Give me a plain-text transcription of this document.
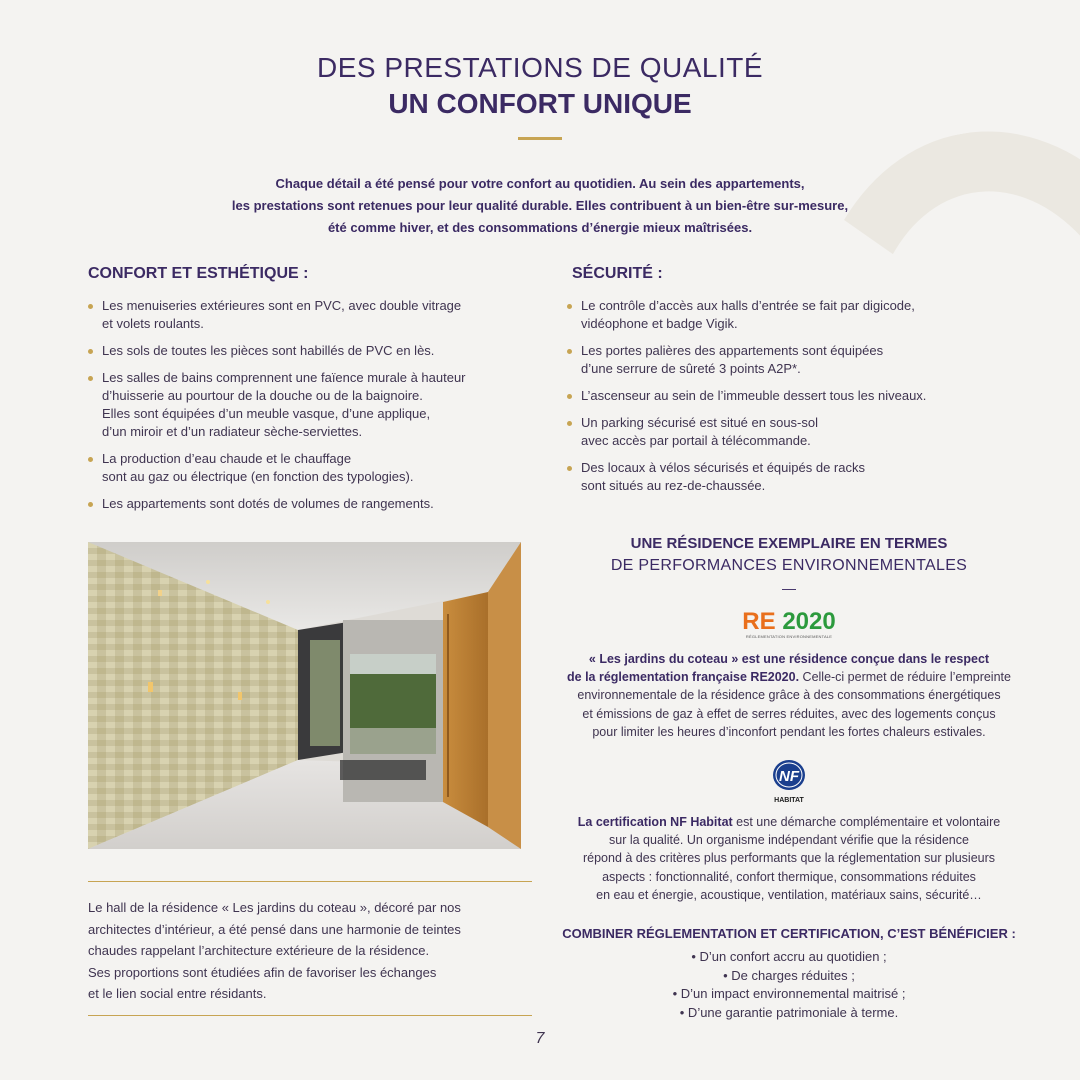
DES PRESTATIONS DE QUALITÉ
UN CONFORT UNIQUE
Chaque détail a été pensé pour votre confort au quotidien. Au sein des appartements,
les prestations sont retenues pour leur qualité durable. Elles contribuent à un bien-être sur-mesure,
été comme hiver, et des consommations d’énergie mieux maîtrisées.
CONFORT ET ESTHÉTIQUE :
Les menuiseries extérieures sont en PVC, avec double vitrage
et volets roulants.
Les sols de toutes les pièces sont habillés de PVC en lès.
Les salles de bains comprennent une faïence murale à hauteur
d’huisserie au pourtour de la douche ou de la baignoire.
Elles sont équipées d’un meuble vasque, d’une applique,
d’un miroir et d’un radiateur sèche-serviettes.
La production d’eau chaude et le chauffage
sont au gaz ou électrique (en fonction des typologies).
Les appartements sont dotés de volumes de rangements.
SÉCURITÉ :
Le contrôle d’accès aux halls d’entrée se fait par digicode,
vidéophone et badge Vigik.
Les portes palières des appartements sont équipées
d’une serrure de sûreté 3 points A2P*.
L’ascenseur au sein de l’immeuble dessert tous les niveaux.
Un parking sécurisé est situé en sous-sol
avec accès par portail à télécommande.
Des locaux à vélos sécurisés et équipés de racks
sont situés au rez-de-chaussée.
Le hall de la résidence « Les jardins du coteau », décoré par nos
architectes d’intérieur, a été pensé dans une harmonie de teintes
chaudes rappelant l’architecture extérieure de la résidence.
Ses proportions sont étudiées afin de favoriser les échanges
et le lien social entre résidants.
UNE RÉSIDENCE EXEMPLAIRE EN TERMES
DE PERFORMANCES ENVIRONNEMENTALES
—
RE 2020
RÉGLEMENTATION ENVIRONNEMENTALE
« Les jardins du coteau » est une résidence conçue dans le respect
de la réglementation française RE2020. Celle-ci permet de réduire l’empreinte
environnementale de la résidence grâce à des consommations énergétiques
et émissions de gaz à effet de serres réduites, avec des logements conçus
pour limiter les heures d’inconfort pendant les fortes chaleurs estivales.
NF
HABITAT
La certification NF Habitat est une démarche complémentaire et volontaire
sur la qualité. Un organisme indépendant vérifie que la résidence
répond à des critères plus performants que la réglementation sur plusieurs
aspects : fonctionnalité, confort thermique, consommations réduites
en eau et énergie, acoustique, ventilation, matériaux sains, sécurité…
COMBINER RÉGLEMENTATION ET CERTIFICATION, C’EST BÉNÉFICIER :
• D’un confort accru au quotidien ;
• De charges réduites ;
• D’un impact environnemental maitrisé ;
• D’une garantie patrimoniale à terme.
7
